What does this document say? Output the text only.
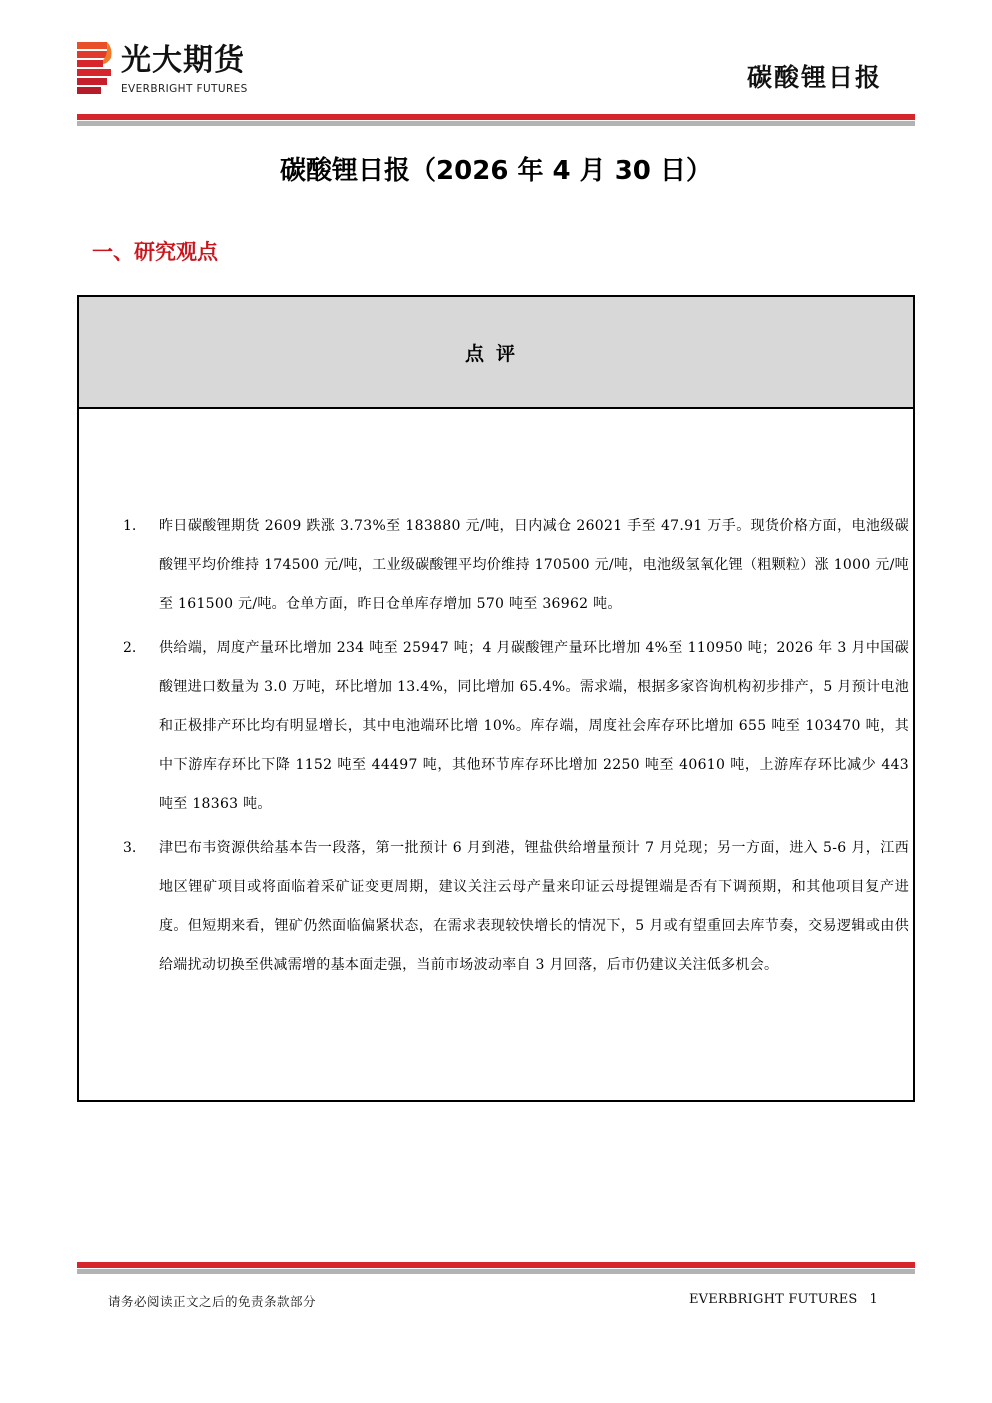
光大期货
EVERBRIGHT FUTURES	碳酸锂日报
碳酸锂日报（2026 年 4 月 30 日）
一、研究观点
点评
1. 昨日碳酸锂期货 2609 跌涨 3.73%至 183880 元/吨，日内减仓 26021 手至 47.91 万手。现货价格方面，电池级碳酸锂平均价维持 174500 元/吨，工业级碳酸锂平均价维持 170500 元/吨，电池级氢氧化锂（粗颗粒）涨 1000 元/吨至 161500 元/吨。仓单方面，昨日仓单库存增加 570 吨至 36962 吨。
2. 供给端，周度产量环比增加 234 吨至 25947 吨；4 月碳酸锂产量环比增加 4%至 110950 吨；2026 年 3 月中国碳酸锂进口数量为 3.0 万吨，环比增加 13.4%，同比增加 65.4%。需求端，根据多家咨询机构初步排产，5 月预计电池和正极排产环比均有明显增长，其中电池端环比增 10%。库存端，周度社会库存环比增加 655 吨至 103470 吨，其中下游库存环比下降 1152 吨至 44497 吨，其他环节库存环比增加 2250 吨至 40610 吨，上游库存环比减少 443 吨至 18363 吨。
3. 津巴布韦资源供给基本告一段落，第一批预计 6 月到港，锂盐供给增量预计 7 月兑现；另一方面，进入 5-6 月，江西地区锂矿项目或将面临着采矿证变更周期，建议关注云母产量来印证云母提锂端是否有下调预期，和其他项目复产进度。但短期来看，锂矿仍然面临偏紧状态，在需求表现较快增长的情况下，5 月或有望重回去库节奏，交易逻辑或由供给端扰动切换至供减需增的基本面走强，当前市场波动率自 3 月回落，后市仍建议关注低多机会。
请务必阅读正文之后的免责条款部分	EVERBRIGHT FUTURES 1
